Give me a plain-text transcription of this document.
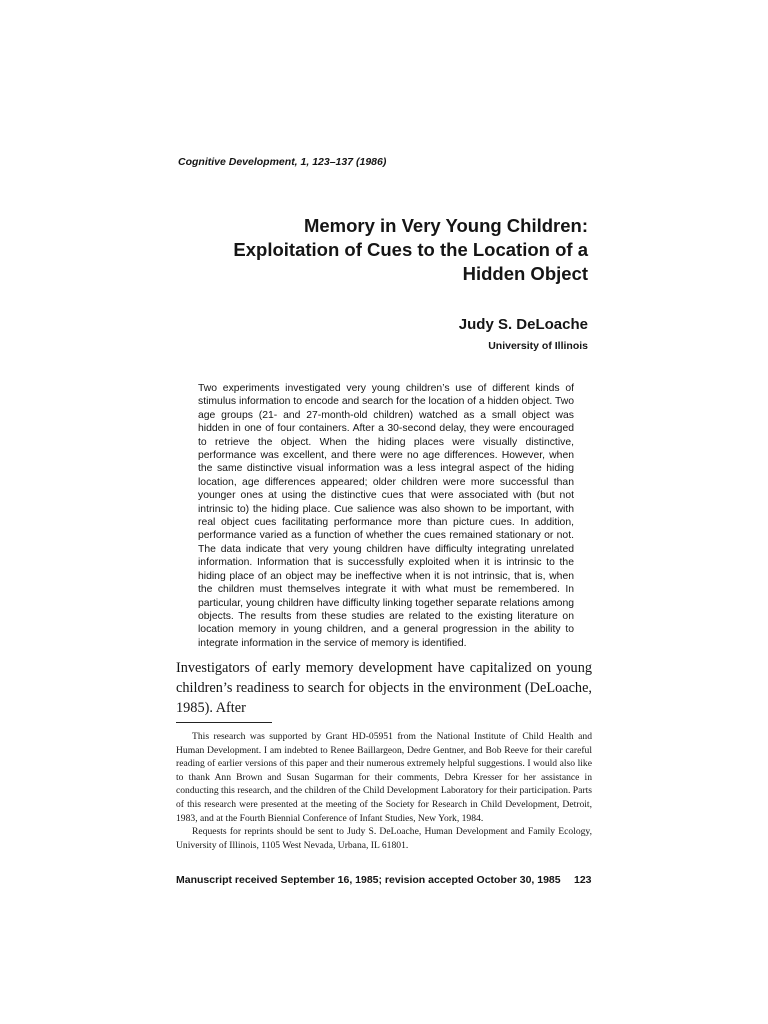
Cognitive Development, 1, 123–137 (1986)
Memory in Very Young Children:
Exploitation of Cues to the Location of a
Hidden Object
Judy S. DeLoache
University of Illinois

Two experiments investigated very young children’s use of different kinds of stimulus information to encode and search for the location of a hidden object. Two age groups (21- and 27-month-old children) watched as a small object was hidden in one of four containers. After a 30-second delay, they were encouraged to retrieve the object. When the hiding places were visually distinctive, performance was excellent, and there were no age differences. However, when the same distinctive visual information was a less integral aspect of the hiding location, age differences appeared; older children were more successful than younger ones at using the distinctive cues that were associated with (but not intrinsic to) the hiding place. Cue salience was also shown to be important, with real object cues facilitating performance more than picture cues. In addition, performance varied as a function of whether the cues remained stationary or not. The data indicate that very young children have difficulty integrating unrelated information. Information that is successfully exploited when it is intrinsic to the hiding place of an object may be ineffective when it is not intrinsic, that is, when the children must themselves integrate it with what must be remembered. In particular, young children have difficulty linking together separate relations among objects. The results from these studies are related to the existing literature on location memory in young children, and a general progression in the ability to integrate information in the service of memory is identified.

Investigators of early memory development have capitalized on young children’s readiness to search for objects in the environment (DeLoache, 1985). After

This research was supported by Grant HD-05951 from the National Institute of Child Health and Human Development. I am indebted to Renee Baillargeon, Dedre Gentner, and Bob Reeve for their careful reading of earlier versions of this paper and their numerous extremely helpful suggestions. I would also like to thank Ann Brown and Susan Sugarman for their comments, Debra Kresser for her assistance in conducting this research, and the children of the Child Development Laboratory for their participation. Parts of this research were presented at the meeting of the Society for Research in Child Development, Detroit, 1983, and at the Fourth Biennial Conference of Infant Studies, New York, 1984.

Requests for reprints should be sent to Judy S. DeLoache, Human Development and Family Ecology, University of Illinois, 1105 West Nevada, Urbana, IL 61801.

Manuscript received September 16, 1985; revision accepted October 30, 1985 123
